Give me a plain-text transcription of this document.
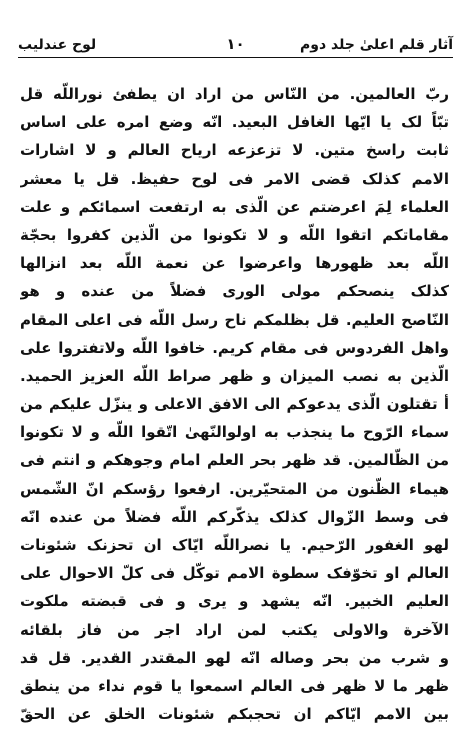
آثار قلم اعلیٰ جلد دوم
١٠
لوح عندلیب
ربّ العالمین. من النّاس من اراد ان یطفئ نوراللّه قل
تبّاً لک یا ایّها الغافل البعید. انّه وضع امره علی اساس
ثابت راسخ متین. لا تزعزعه ارياح العالم و لا اشارات
الامم كذلک قضی الامر فی لوح حفیظ. قل یا معشر
العلماء لِمَ اعرضتم عن الّذی به ارتفعت اسمائکم و علت
مقاماتكم اتقوا اللّه و لا تكونوا من الّذين كفروا بحجّة
اللّه بعد ظهورها واعرضوا عن نعمة اللّه بعد انزالها
كذلک ینصحکم مولی الوری فضلاً من عنده و هو
النّاصح العليم. قل بظلمكم ناح رسل اللّه فی اعلی المقام
واهل الفردوس فی مقام كريم. خافوا اللّه ولاتفتروا علی
الّذين به نصب الميزان و ظهر صراط اللّه العزيز الحميد.
أ تقتلون الّذی یدعوکم الی الافق الاعلی و ینزّل علیکم من
سماء الرّوح ما ینجذب به اولوالنّهیٰ اتّقوا اللّه و لا تكونوا
من الظّالمین. قد ظهر بحر العلم امام وجوهكم و انتم فی
هیماء الظّنون من المتحیّرین. ارفعوا رؤسكم انّ الشّمس
فی وسط الزّوال كذلک یذکّرکم اللّه فضلاً من عنده انّه
لهو الغفور الرّحیم. یا نصراللّه ایّاک ان تحزنک شئونات
العالم او تخوّفک سطوة الامم توكّل فی كلّ الاحوال علی
العليم الخبير. انّه یشهد و یری و فی قبضته ملکوت
الآخرة والاولی یکتب لمن اراد اجر من فاز بلقائه
و شرب من بحر وصاله انّه لهو المقتدر القدير. قل قد
ظهر ما لا ظهر فی العالم اسمعوا یا قوم نداء من ینطق
بین الامم ايّاكم ان تحجبكم شئونات الخلق عن الحقّ
